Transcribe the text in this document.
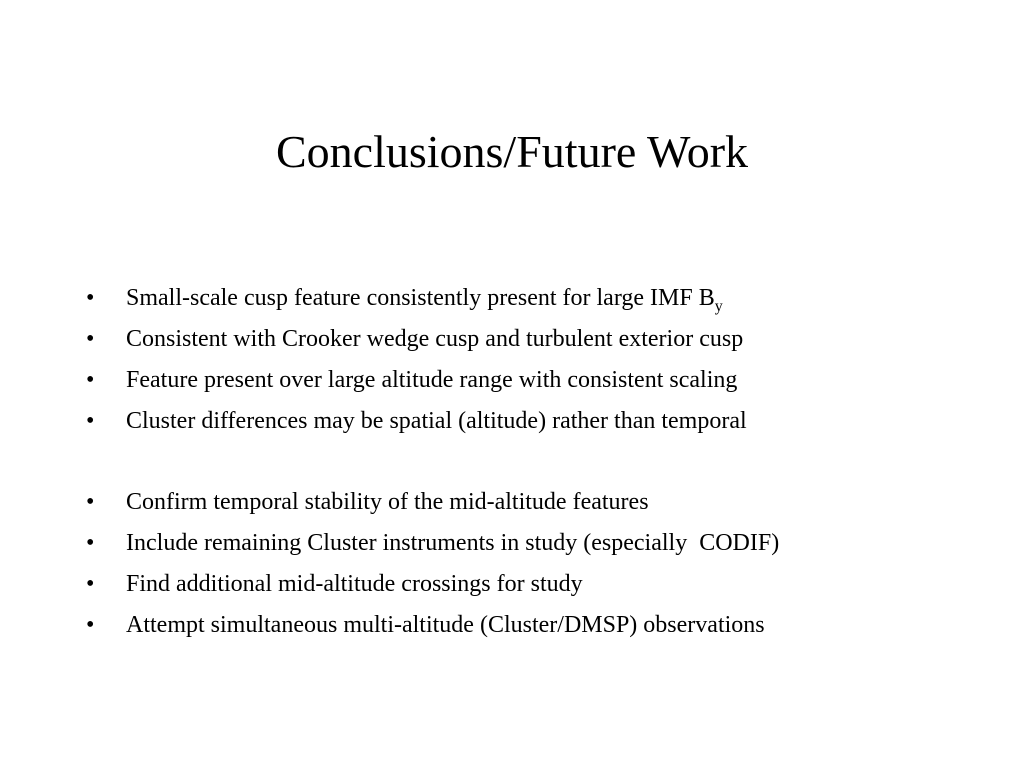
Conclusions/Future Work
•	Small-scale cusp feature consistently present for large IMF $B_y$
•	Consistent with Crooker wedge cusp and turbulent exterior cusp
•	Feature present over large altitude range with consistent scaling
•	Cluster differences may be spatial (altitude) rather than temporal
•	Confirm temporal stability of the mid-altitude features
•	Include remaining Cluster instruments in study (especially  CODIF)
•	Find additional mid-altitude crossings for study
•	Attempt simultaneous multi-altitude (Cluster/DMSP) observations
